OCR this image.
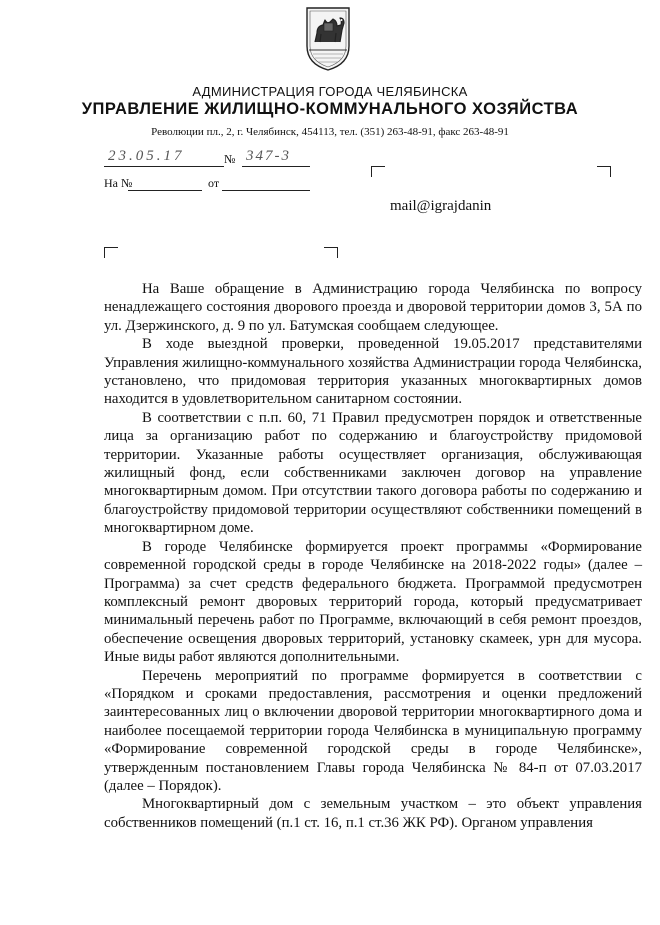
АДМИНИСТРАЦИЯ ГОРОДА ЧЕЛЯБИНСКА
УПРАВЛЕНИЕ ЖИЛИЩНО-КОММУНАЛЬНОГО ХОЗЯЙСТВА
Революции пл., 2, г. Челябинск, 454113, тел. (351) 263-48-91, факс 263-48-91
23.05.17	№ 347-3
На №	от
mail@igrajdanin

На Ваше обращение в Администрацию города Челябинска по вопросу ненадлежащего состояния дворового проезда и дворовой территории домов 3, 5А по ул. Дзержинского, д. 9 по ул. Батумская сообщаем следующее.

В ходе выездной проверки, проведенной 19.05.2017 представителями Управления жилищно-коммунального хозяйства Администрации города Челябинска, установлено, что придомовая территория указанных многоквартирных домов находится в удовлетворительном санитарном состоянии.

В соответствии с п.п. 60, 71 Правил предусмотрен порядок и ответственные лица за организацию работ по содержанию и благоустройству придомовой территории. Указанные работы осуществляет организация, обслуживающая жилищный фонд, если собственниками заключен договор на управление многоквартирным домом. При отсутствии такого договора работы по содержанию и благоустройству придомовой территории осуществляют собственники помещений в многоквартирном доме.

В городе Челябинске формируется проект программы «Формирование современной городской среды в городе Челябинске на 2018-2022 годы» (далее – Программа) за счет средств федерального бюджета. Программой предусмотрен комплексный ремонт дворовых территорий города, который предусматривает минимальный перечень работ по Программе, включающий в себя ремонт проездов, обеспечение освещения дворовых территорий, установку скамеек, урн для мусора. Иные виды работ являются дополнительными.

Перечень мероприятий по программе формируется в соответствии с «Порядком и сроками предоставления, рассмотрения и оценки предложений заинтересованных лиц о включении дворовой территории многоквартирного дома и наиболее посещаемой территории города Челябинска в муниципальную программу «Формирование современной городской среды в городе Челябинске», утвержденным постановлением Главы города Челябинска № 84-п от 07.03.2017 (далее – Порядок).

Многоквартирный дом с земельным участком – это объект управления собственников помещений (п.1 ст. 16, п.1 ст.36 ЖК РФ). Органом управления
